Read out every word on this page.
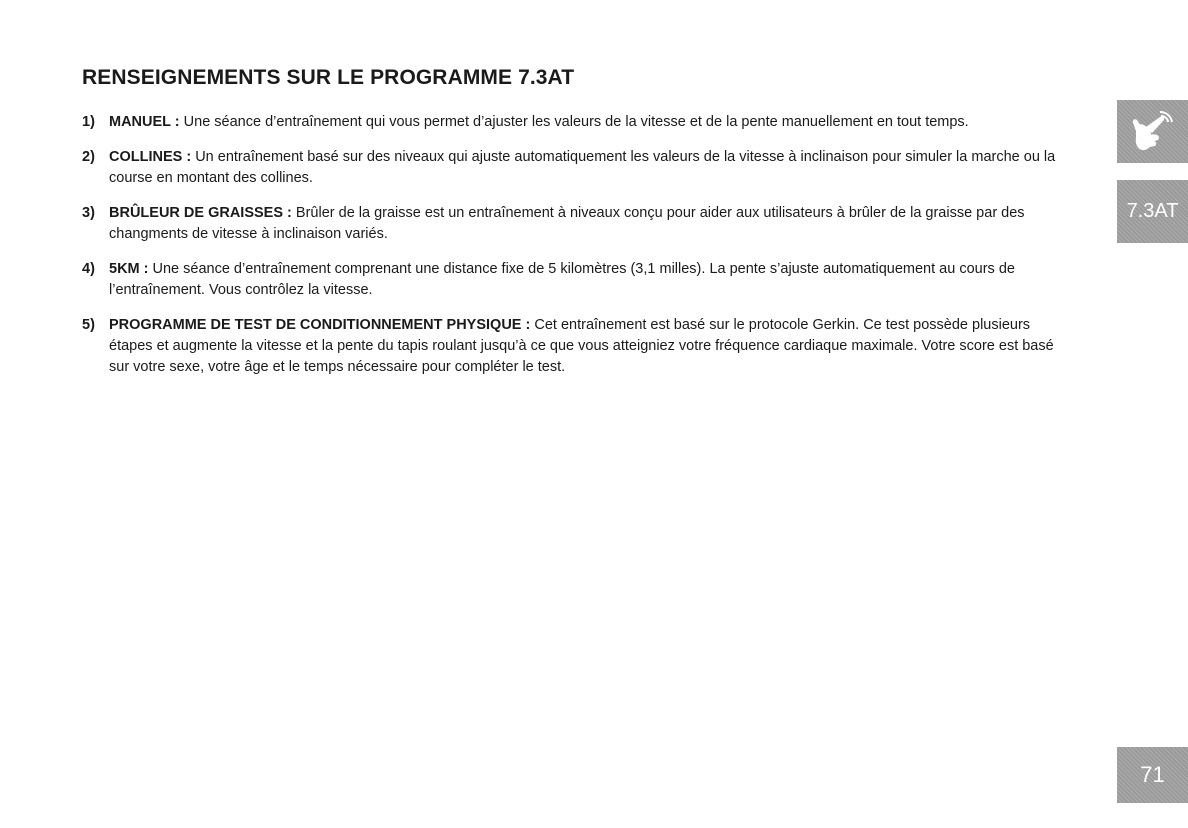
RENSEIGNEMENTS SUR LE PROGRAMME 7.3AT
1) MANUEL : Une séance d’entraînement qui vous permet d’ajuster les valeurs de la vitesse et de la pente manuellement en tout temps.
2) COLLINES : Un entraînement basé sur des niveaux qui ajuste automatiquement les valeurs de la vitesse à inclinaison pour simuler la marche ou la course en montant des collines.
3) BRÛLEUR DE GRAISSES : Brûler de la graisse est un entraînement à niveaux conçu pour aider aux utilisateurs à brûler de la graisse par des changments de vitesse à inclinaison variés.
4) 5KM : Une séance d’entraînement comprenant une distance fixe de 5 kilomètres (3,1 milles). La pente s’ajuste automatiquement au cours de l’entraînement. Vous contrôlez la vitesse.
5) PROGRAMME DE TEST DE CONDITIONNEMENT PHYSIQUE : Cet entraînement est basé sur le protocole Gerkin. Ce test possède plusieurs étapes et augmente la vitesse et la pente du tapis roulant jusqu’à ce que vous atteigniez votre fréquence cardiaque maximale. Votre score est basé sur votre sexe, votre âge et le temps nécessaire pour compléter le test.
7.3AT
71
